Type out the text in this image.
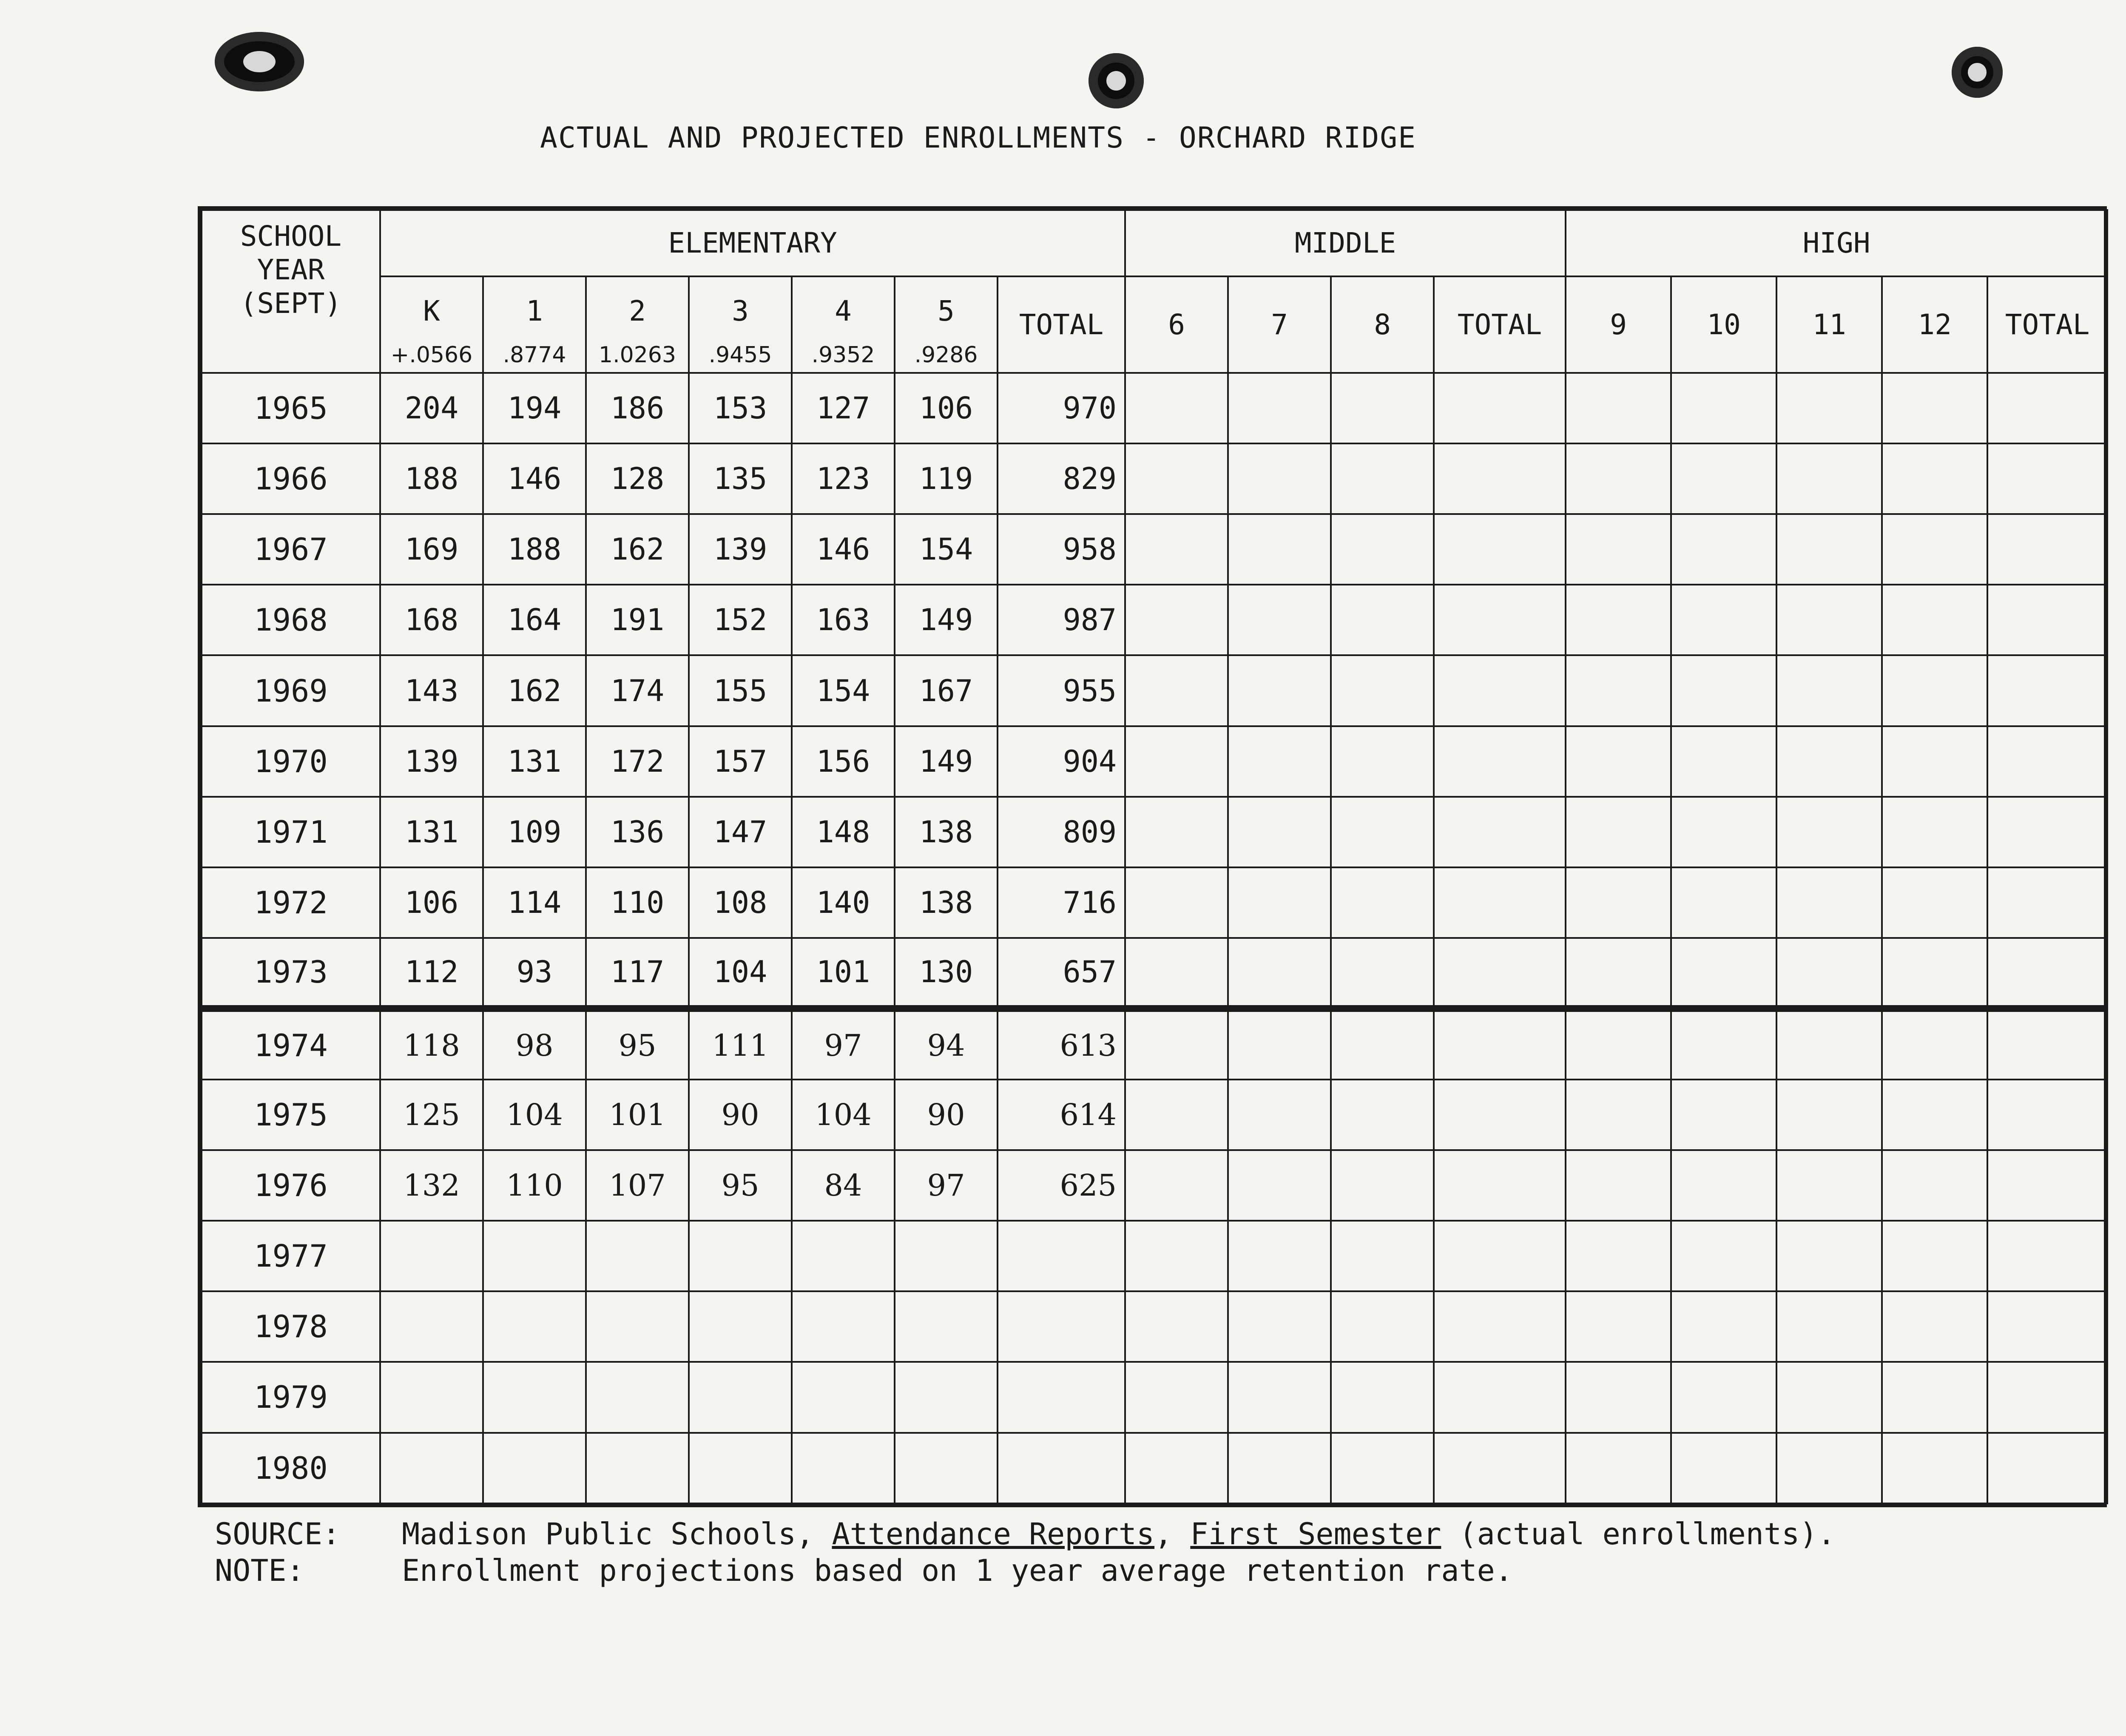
ACTUAL AND PROJECTED ENROLLMENTS - ORCHARD RIDGE
SCHOOL YEAR (SEPT)	ELEMENTARY							MIDDLE				HIGH				
	K	1	2	3	4	5	TOTAL	6	7	8	TOTAL	9	10	11	12	TOTAL
	+.0566	.8774	1.0263	.9455	.9352	.9286										
1965	204	194	186	153	127	106	970									
1966	188	146	128	135	123	119	829									
1967	169	188	162	139	146	154	958									
1968	168	164	191	152	163	149	987									
1969	143	162	174	155	154	167	955									
1970	139	131	172	157	156	149	904									
1971	131	109	136	147	148	138	809									
1972	106	114	110	108	140	138	716									
1973	112	93	117	104	101	130	657									
1974	118	98	95	111	97	94	613									
1975	125	104	101	90	104	90	614									
1976	132	110	107	95	84	97	625									
1977																
1978																
1979																
1980																
SOURCE: Madison Public Schools, Attendance Reports, First Semester (actual enrollments).
NOTE:	Enrollment projections based on 1 year average retention rate.
